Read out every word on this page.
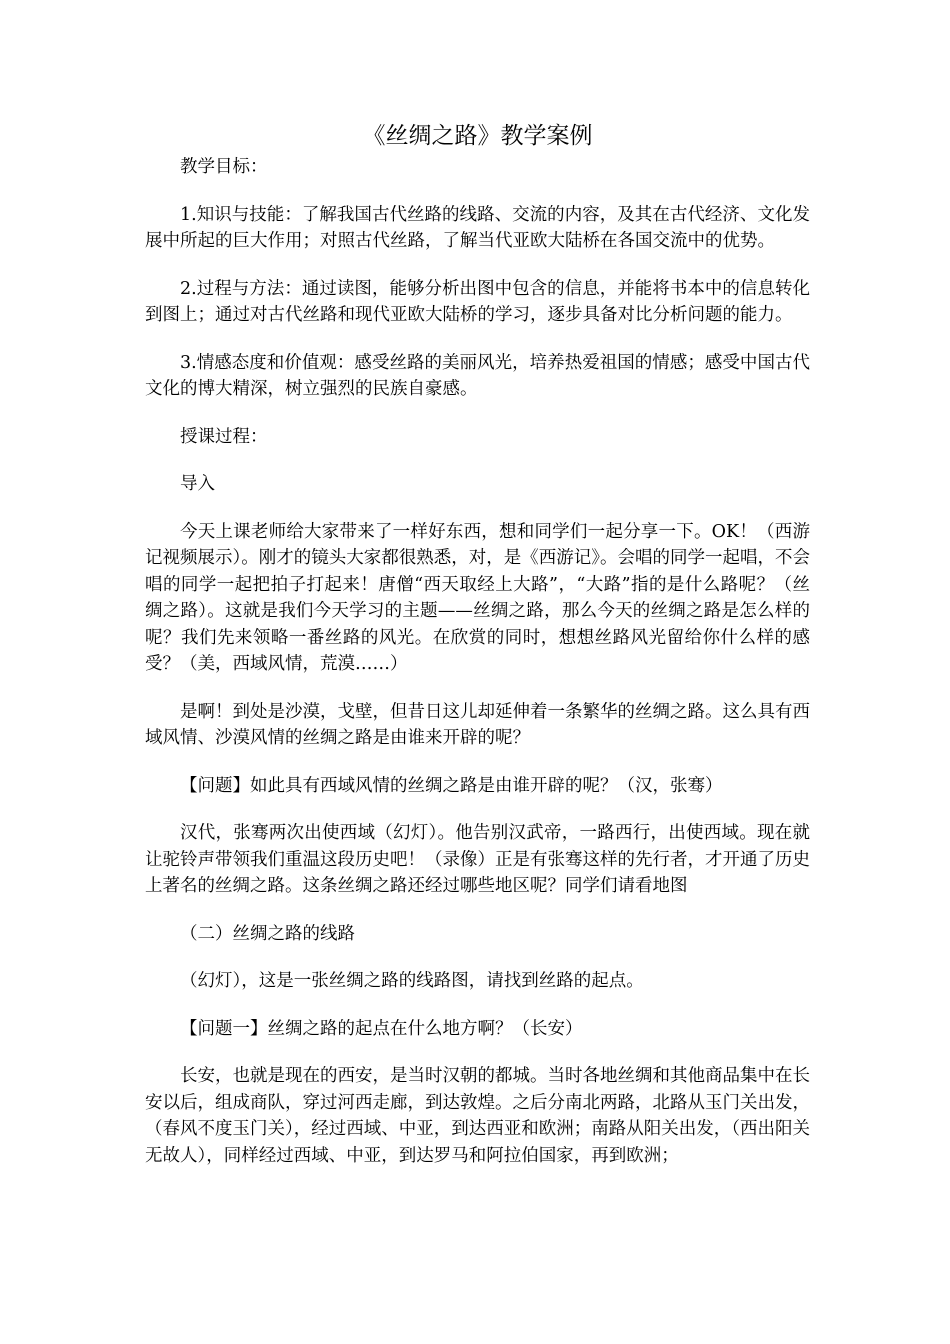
《丝绸之路》教学案例

教学目标：

1.知识与技能：了解我国古代丝路的线路、交流的内容，及其在古代经济、文化发展中所起的巨大作用；对照古代丝路，了解当代亚欧大陆桥在各国交流中的优势。

2.过程与方法：通过读图，能够分析出图中包含的信息，并能将书本中的信息转化到图上；通过对古代丝路和现代亚欧大陆桥的学习，逐步具备对比分析问题的能力。

3.情感态度和价值观：感受丝路的美丽风光，培养热爱祖国的情感；感受中国古代文化的博大精深，树立强烈的民族自豪感。

授课过程：

导入

今天上课老师给大家带来了一样好东西，想和同学们一起分享一下。OK！（西游记视频展示）。刚才的镜头大家都很熟悉，对，是《西游记》。会唱的同学一起唱，不会唱的同学一起把拍子打起来！唐僧“西天取经上大路”，“大路”指的是什么路呢？（丝绸之路）。这就是我们今天学习的主题——丝绸之路，那么今天的丝绸之路是怎么样的呢？我们先来领略一番丝路的风光。在欣赏的同时，想想丝路风光留给你什么样的感受？（美，西域风情，荒漠……）

是啊！到处是沙漠，戈壁，但昔日这儿却延伸着一条繁华的丝绸之路。这么具有西域风情、沙漠风情的丝绸之路是由谁来开辟的呢？

【问题】如此具有西域风情的丝绸之路是由谁开辟的呢？（汉，张骞）

汉代，张骞两次出使西域（幻灯）。他告别汉武帝，一路西行，出使西域。现在就让驼铃声带领我们重温这段历史吧！（录像）正是有张骞这样的先行者，才开通了历史上著名的丝绸之路。这条丝绸之路还经过哪些地区呢？同学们请看地图

（二）丝绸之路的线路

（幻灯），这是一张丝绸之路的线路图，请找到丝路的起点。

【问题一】丝绸之路的起点在什么地方啊？（长安）

长安，也就是现在的西安，是当时汉朝的都城。当时各地丝绸和其他商品集中在长安以后，组成商队，穿过河西走廊，到达敦煌。之后分南北两路，北路从玉门关出发，（春风不度玉门关），经过西域、中亚，到达西亚和欧洲；南路从阳关出发，（西出阳关无故人），同样经过西域、中亚，到达罗马和阿拉伯国家，再到欧洲；
